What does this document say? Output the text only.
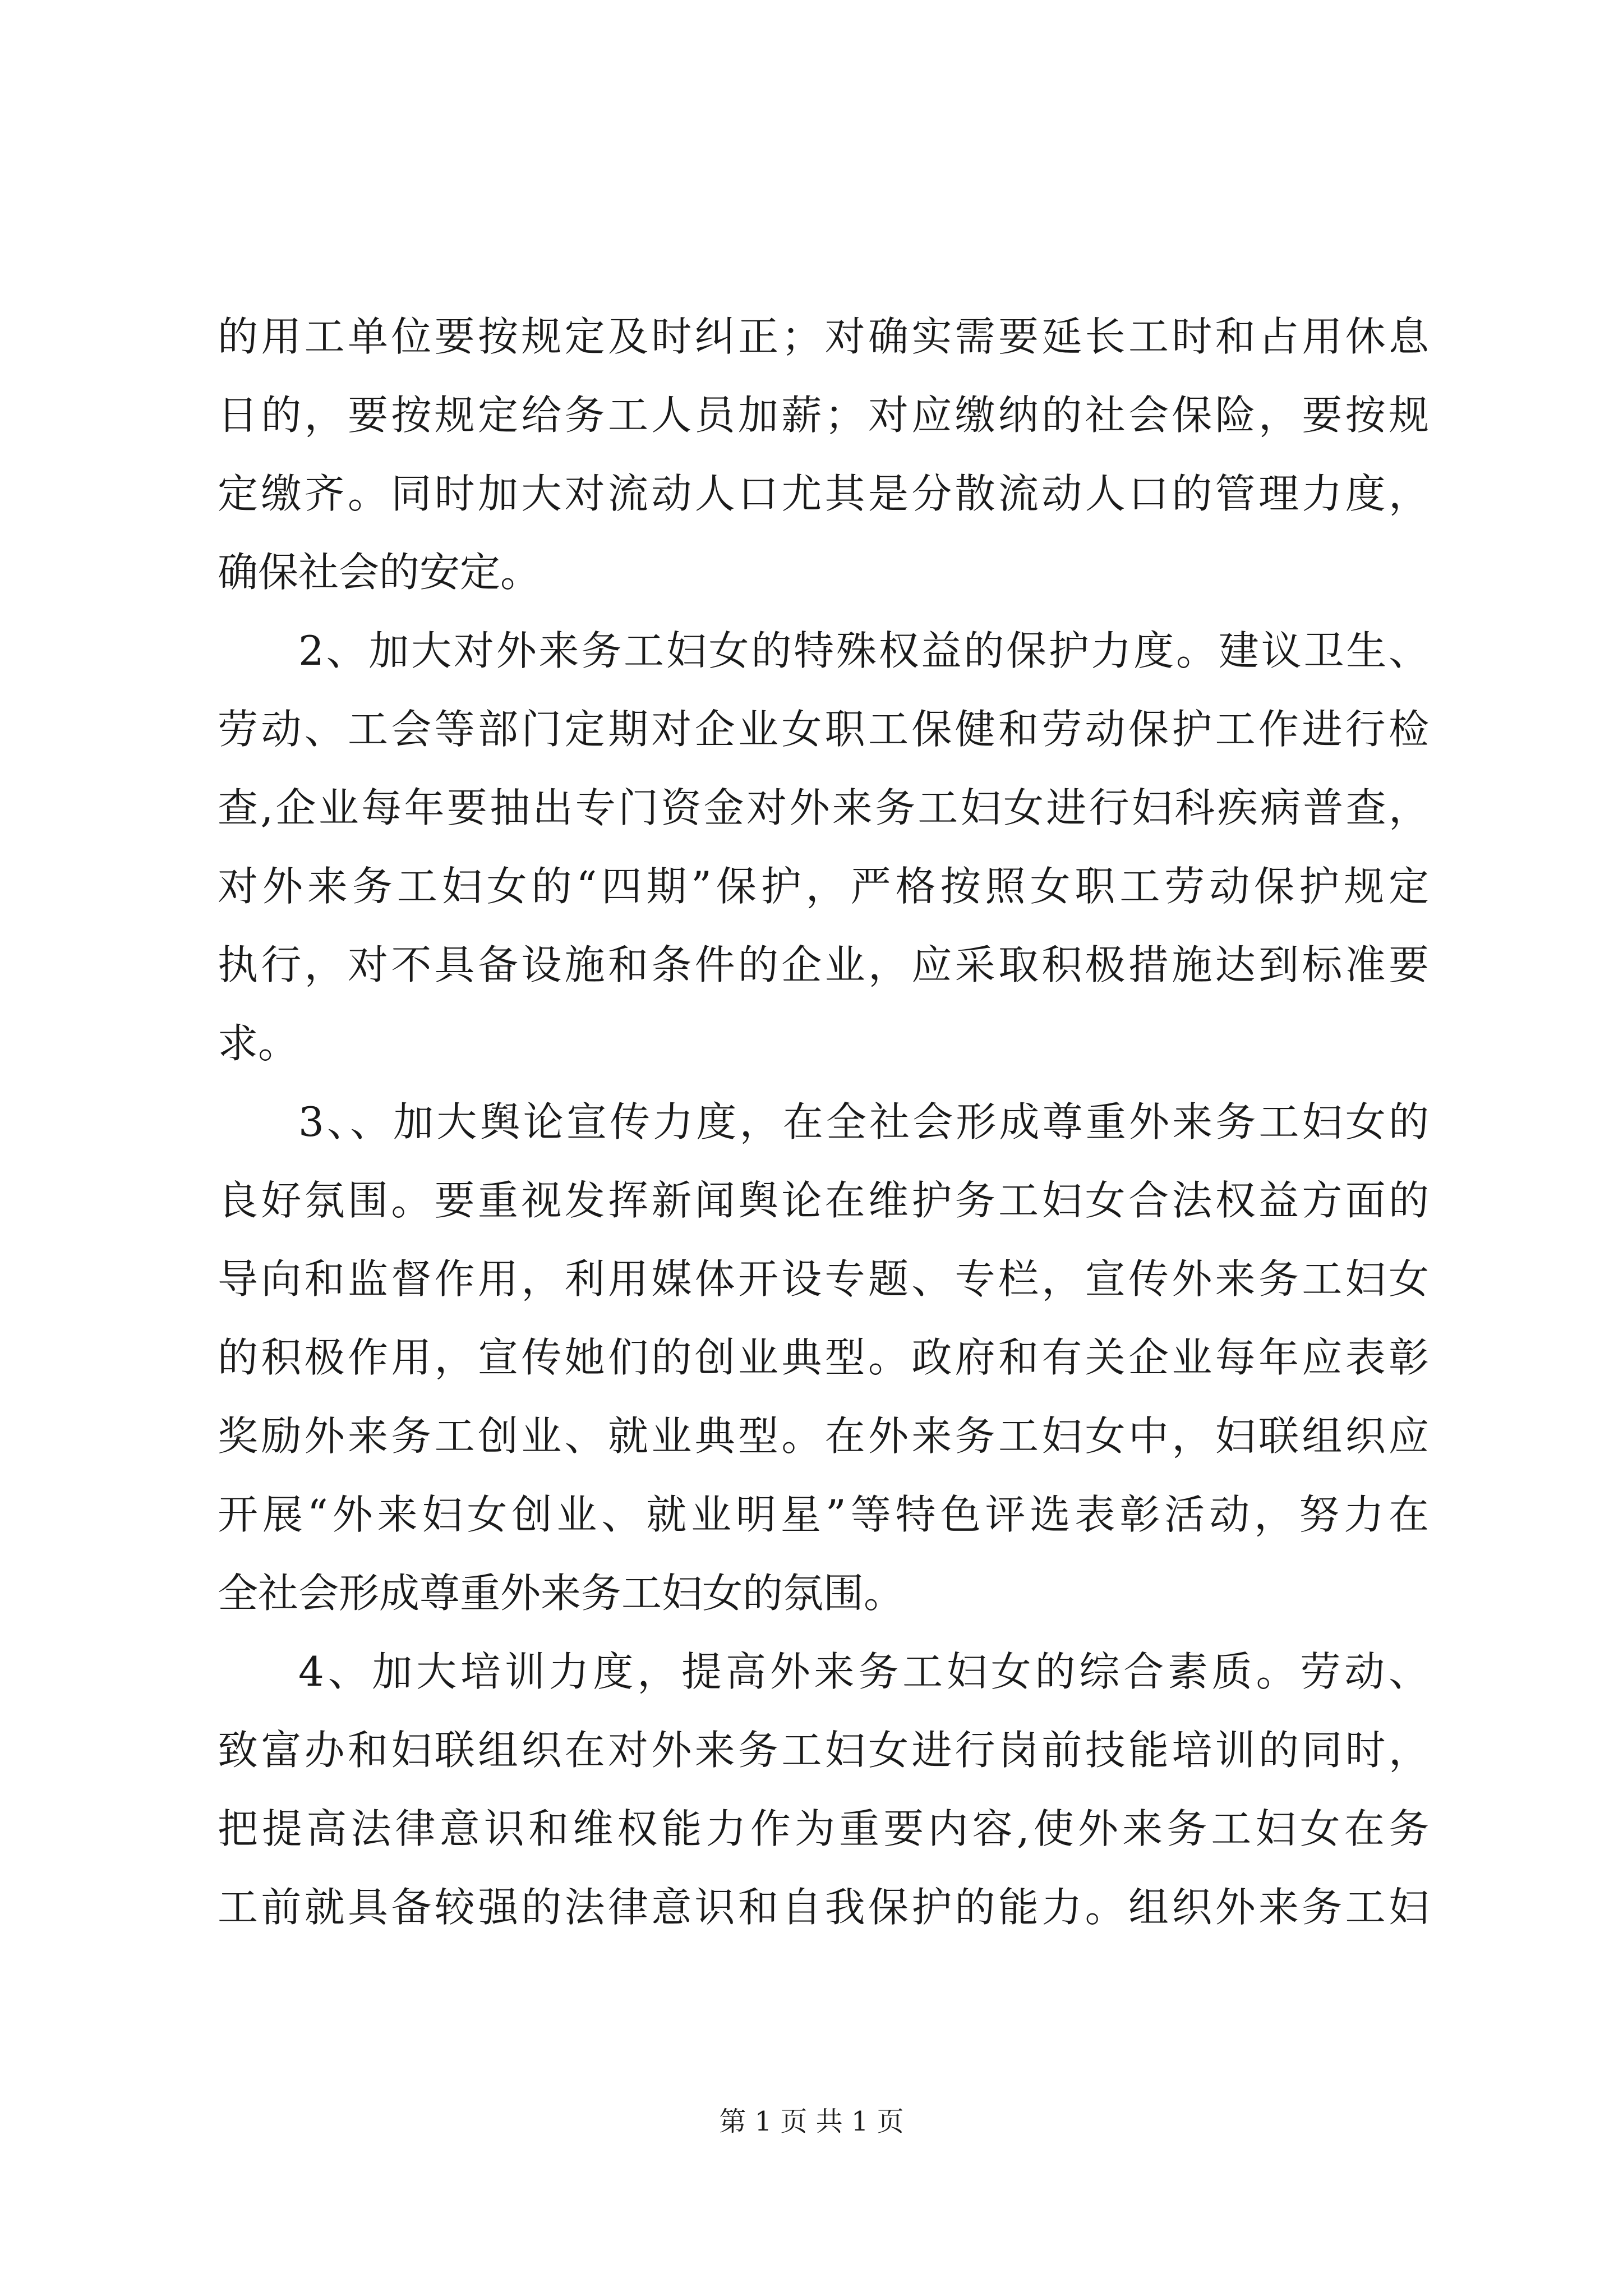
的用工单位要按规定及时纠正；对确实需要延长工时和占用休息
日的，要按规定给务工人员加薪；对应缴纳的社会保险，要按规
定缴齐。同时加大对流动人口尤其是分散流动人口的管理力度，
确保社会的安定。
2、加大对外来务工妇女的特殊权益的保护力度。建议卫生、
劳动、工会等部门定期对企业女职工保健和劳动保护工作进行检
查,企业每年要抽出专门资金对外来务工妇女进行妇科疾病普查，
对外来务工妇女的“四期”保护，严格按照女职工劳动保护规定
执行，对不具备设施和条件的企业，应采取积极措施达到标准要
求。
3、、加大舆论宣传力度，在全社会形成尊重外来务工妇女的
良好氛围。要重视发挥新闻舆论在维护务工妇女合法权益方面的
导向和监督作用，利用媒体开设专题、专栏，宣传外来务工妇女
的积极作用，宣传她们的创业典型。政府和有关企业每年应表彰
奖励外来务工创业、就业典型。在外来务工妇女中，妇联组织应
开展“外来妇女创业、就业明星”等特色评选表彰活动，努力在
全社会形成尊重外来务工妇女的氛围。
4、加大培训力度，提高外来务工妇女的综合素质。劳动、
致富办和妇联组织在对外来务工妇女进行岗前技能培训的同时，
把提高法律意识和维权能力作为重要内容,使外来务工妇女在务
工前就具备较强的法律意识和自我保护的能力。组织外来务工妇
第 1 页 共 1 页
